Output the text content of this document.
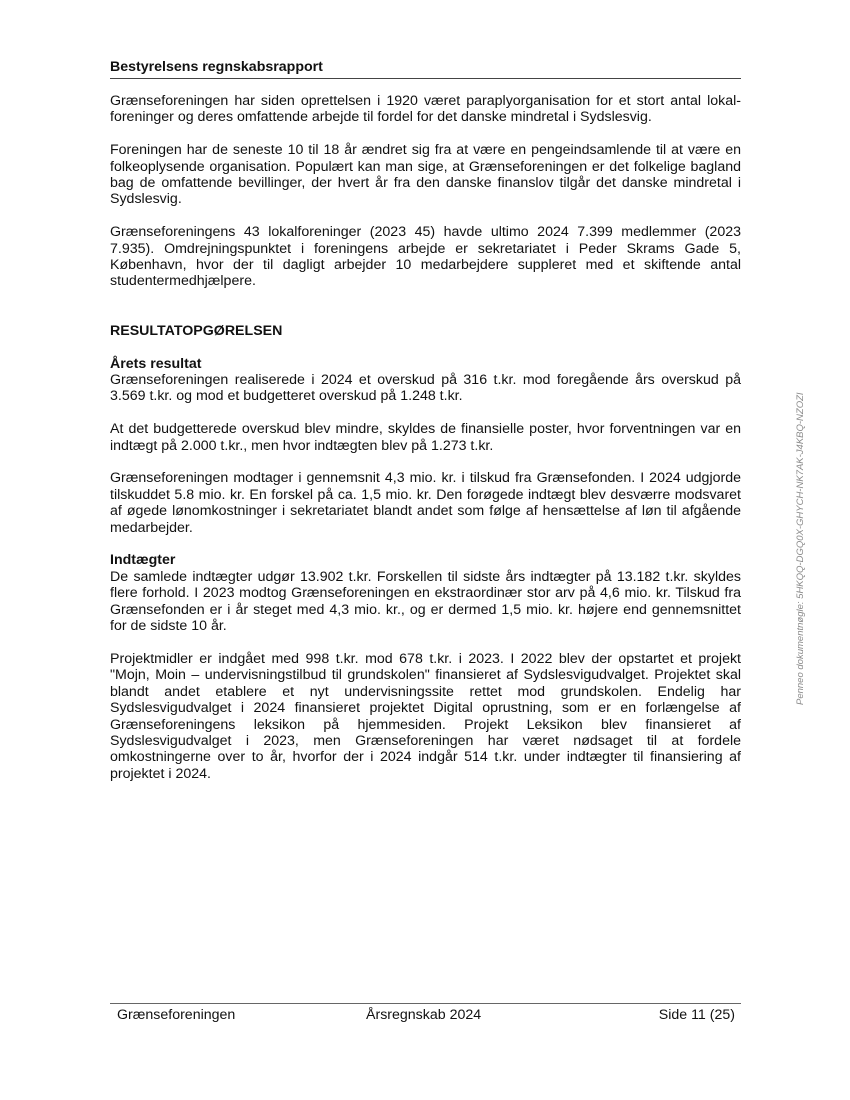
Bestyrelsens regnskabsrapport

Grænseforeningen har siden oprettelsen i 1920 været paraplyorganisation for et stort antal lokal-foreninger og deres omfattende arbejde til fordel for det danske mindretal i Sydslesvig.

Foreningen har de seneste 10 til 18 år ændret sig fra at være en pengeindsamlende til at være en folkeoplysende organisation. Populært kan man sige, at Grænseforeningen er det folkelige bagland bag de omfattende bevillinger, der hvert år fra den danske finanslov tilgår det danske mindretal i Sydslesvig.

Grænseforeningens 43 lokalforeninger (2023 45) havde ultimo 2024 7.399 medlemmer (2023 7.935). Omdrejningspunktet i foreningens arbejde er sekretariatet i Peder Skrams Gade 5, København, hvor der til dagligt arbejder 10 medarbejdere suppleret med et skiftende antal studentermedhjælpere.

RESULTATOPGØRELSEN
Årets resultat

Grænseforeningen realiserede i 2024 et overskud på 316 t.kr. mod foregående års overskud på 3.569 t.kr. og mod et budgetteret overskud på 1.248 t.kr.

At det budgetterede overskud blev mindre, skyldes de finansielle poster, hvor forventningen var en indtægt på 2.000 t.kr., men hvor indtægten blev på 1.273 t.kr.

Grænseforeningen modtager i gennemsnit 4,3 mio. kr. i tilskud fra Grænsefonden. I 2024 udgjorde tilskuddet 5.8 mio. kr. En forskel på ca. 1,5 mio. kr. Den forøgede indtægt blev desværre modsvaret af øgede lønomkostninger i sekretariatet blandt andet som følge af hensættelse af løn til afgående medarbejder.

Indtægter

De samlede indtægter udgør 13.902 t.kr. Forskellen til sidste års indtægter på 13.182 t.kr. skyldes flere forhold. I 2023 modtog Grænseforeningen en ekstraordinær stor arv på 4,6 mio. kr. Tilskud fra Grænsefonden er i år steget med 4,3 mio. kr., og er dermed 1,5 mio. kr. højere end gennemsnittet for de sidste 10 år.

Projektmidler er indgået med 998 t.kr. mod 678 t.kr. i 2023. I 2022 blev der opstartet et projekt "Mojn, Moin – undervisningstilbud til grundskolen" finansieret af Sydslesvigudvalget. Projektet skal blandt andet etablere et nyt undervisningssite rettet mod grundskolen. Endelig har Sydslesvigudvalget i 2024 finansieret projektet Digital oprustning, som er en forlængelse af Grænseforeningens leksikon på hjemmesiden. Projekt Leksikon blev finansieret af Sydslesvigudvalget i 2023, men Grænseforeningen har været nødsaget til at fordele omkostningerne over to år, hvorfor der i 2024 indgår 514 t.kr. under indtægter til finansiering af projektet i 2024.

Penneo dokumentnøgle: 5HKQQ-DGQ0X-GHYCH-NK7AK-J4KBQ-NZOZI
Grænseforeningen	Årsregnskab 2024	Side 11 (25)
